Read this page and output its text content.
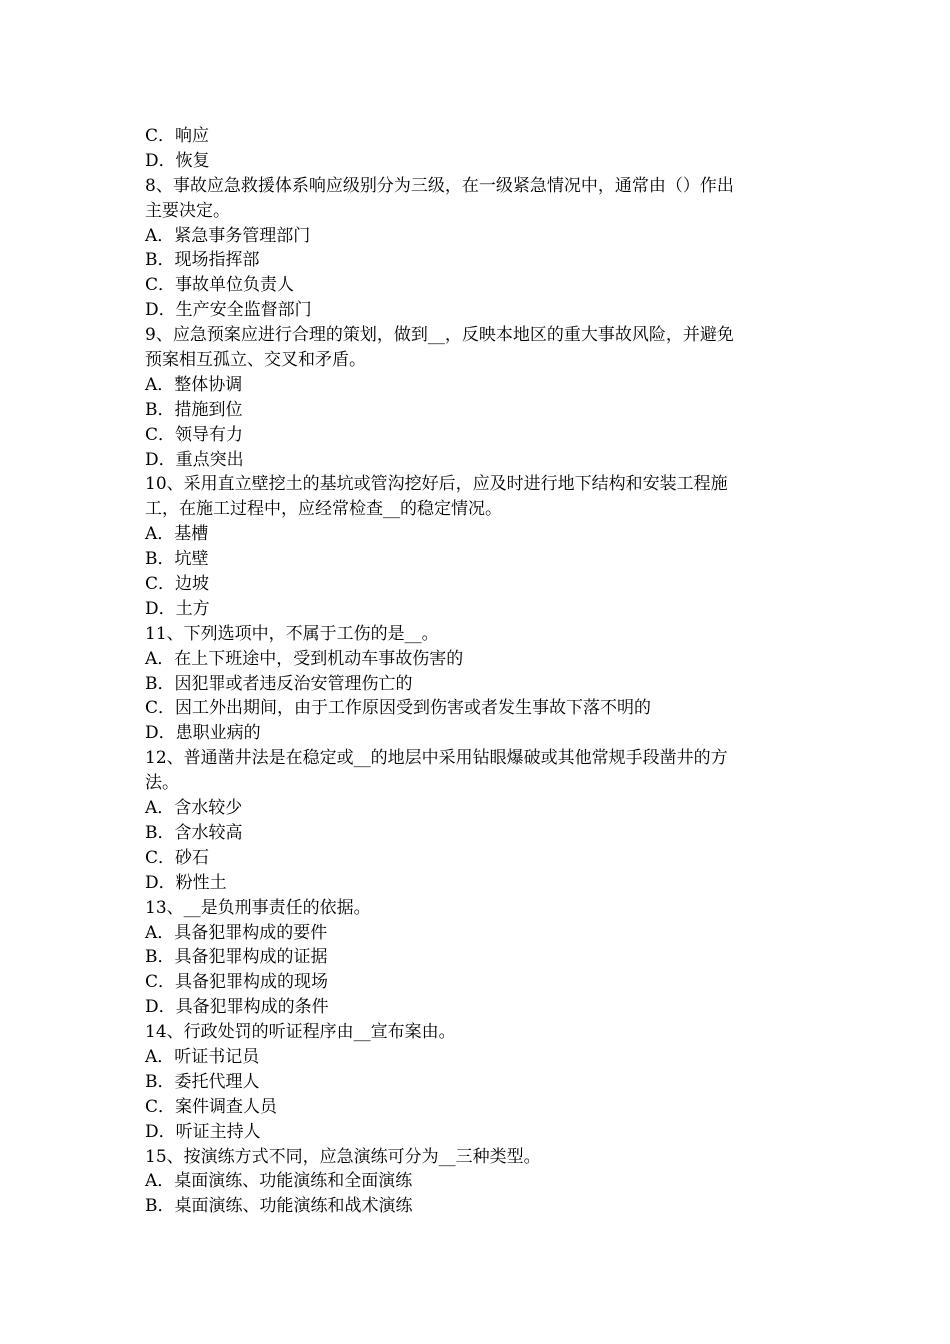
C．响应
D．恢复
8、事故应急救援体系响应级别分为三级，在一级紧急情况中，通常由（）作出
主要决定。
A．紧急事务管理部门
B．现场指挥部
C．事故单位负责人
D．生产安全监督部门
9、应急预案应进行合理的策划，做到__，反映本地区的重大事故风险，并避免
预案相互孤立、交叉和矛盾。
A．整体协调
B．措施到位
C．领导有力
D．重点突出
10、采用直立壁挖土的基坑或管沟挖好后，应及时进行地下结构和安装工程施
工，在施工过程中，应经常检查__的稳定情况。
A．基槽
B．坑壁
C．边坡
D．土方
11、下列选项中，不属于工伤的是__。
A．在上下班途中，受到机动车事故伤害的
B．因犯罪或者违反治安管理伤亡的
C．因工外出期间，由于工作原因受到伤害或者发生事故下落不明的
D．患职业病的
12、普通凿井法是在稳定或__的地层中采用钻眼爆破或其他常规手段凿井的方
法。
A．含水较少
B．含水较高
C．砂石
D．粉性土
13、__是负刑事责任的依据。
A．具备犯罪构成的要件
B．具备犯罪构成的证据
C．具备犯罪构成的现场
D．具备犯罪构成的条件
14、行政处罚的听证程序由__宣布案由。
A．听证书记员
B．委托代理人
C．案件调查人员
D．听证主持人
15、按演练方式不同，应急演练可分为__三种类型。
A．桌面演练、功能演练和全面演练
B．桌面演练、功能演练和战术演练
